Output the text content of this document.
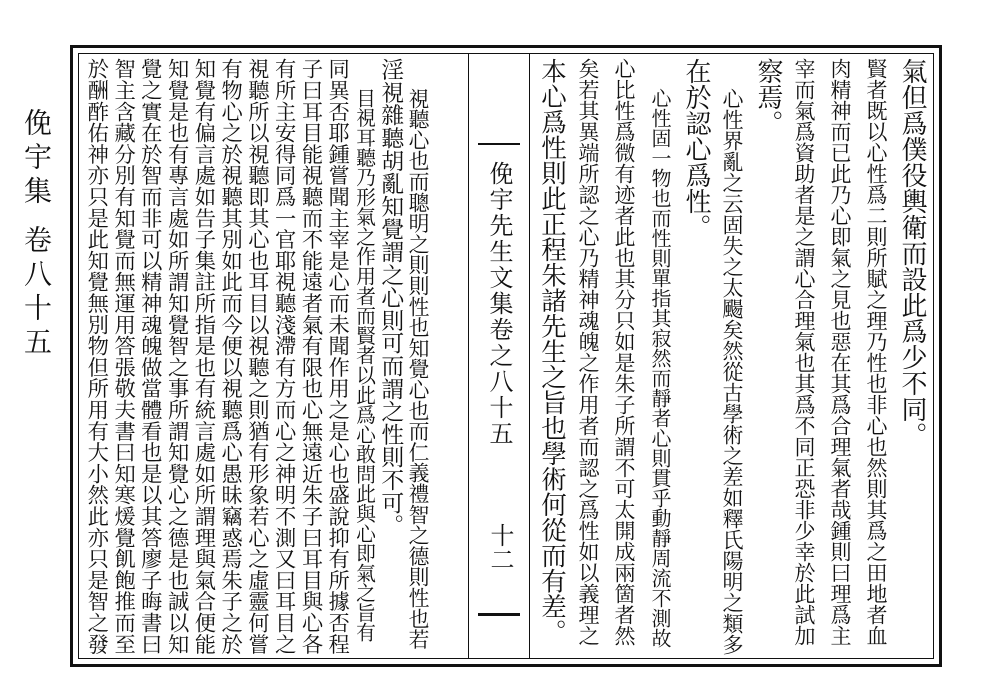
俛宇集 卷八十五	俛宇先生文集卷之八十五
十二
氣但爲僕役輿衛而設此爲少不同。
賢者既以心性爲二則所賦之理乃性也非心也然則其爲之田地者血
肉精神而已此乃心即氣之見也惡在其爲合理氣者哉鍾則曰理爲主
宰而氣爲資助者是之謂心合理氣也其爲不同正恐非少幸於此試加
察焉。
心性界亂之云固失之太颺矣然從古學術之差如釋氏陽明之類多
在於認心爲性。
心性固一物也而性則單指其寂然而靜者心則貫乎動靜周流不測故
心比性爲微有迹者此也其分只如是朱子所謂不可太開成兩箇者然
矣若其異端所認之心乃精神魂魄之作用者而認之爲性如以義理之
本心爲性則此正程朱諸先生之旨也學術何從而有差。
視聽心也而聰明之則則性也知覺心也而仁義禮智之德則性也若
淫視雜聽胡亂知覺謂之心則可而謂之性則不可。
目視耳聽乃形氣之作用者而賢者以此爲心敢問此與心即氣之旨有
同異否耶鍾嘗聞主宰是心而未聞作用之是心也盛說抑有所據否程
子曰耳目能視聽而不能遠者氣有限也心無遠近朱子曰耳目與心各
有所主安得同爲一官耶視聽淺滯有方而心之神明不測又曰耳目之
視聽所以視聽即其心也耳目以視聽之則猶有形象若心之虛靈何嘗
有物心之於視聽其別如此而今便以視聽爲心愚昧竊惑焉朱子之於
知覺有偏言處如告子集註所指是也有統言處如所謂理與氣合便能
知覺是也有專言處如所謂知覺智之事所謂知覺心之德是也誠以知
覺之實在於智而非可以精神魂魄做當體看也是以其答廖子晦書曰
智主含藏分別有知覺而無運用答張敬夫書曰知寒煖覺飢飽推而至
於酬酢佑神亦只是此知覺無別物但所用有大小然此亦只是智之發
